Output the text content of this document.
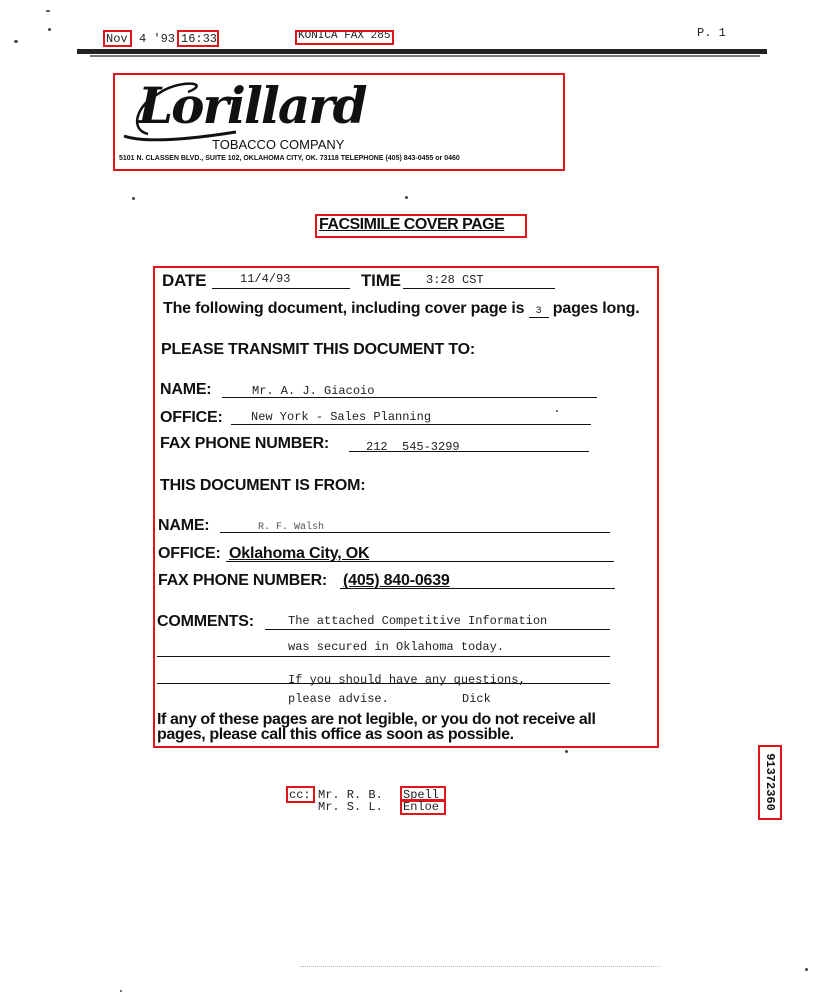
Nov 4 '93 16:33	KONICA FAX 285	P. 1
Lorillard
TOBACCO COMPANY
5101 N. CLASSEN BLVD., SUITE 102, OKLAHOMA CITY, OK. 73118 TELEPHONE (405) 843-0455 or 0460
FACSIMILE COVER PAGE
DATE	11/4/93	TIME 3:28 CST
The following document, including cover page is 3 pages long.
PLEASE TRANSMIT THIS DOCUMENT TO:
NAME:	Mr. A. J. Giacoio
OFFICE: New York - Sales Planning
FAX PHONE NUMBER:	212  545-3299
THIS DOCUMENT IS FROM:
NAME:	R. F. Walsh
OFFICE: Oklahoma City, OK
FAX PHONE NUMBER: (405) 840-0639
COMMENTS:	The attached Competitive Information
was secured in Oklahoma today.
If you should have any questions,
please advise.	Dick
If any of these pages are not legible, or you do not receive all
pages, please call this office as soon as possible.
cc: Mr. R. B. Spell
Mr. S. L. Enloe	91372360
